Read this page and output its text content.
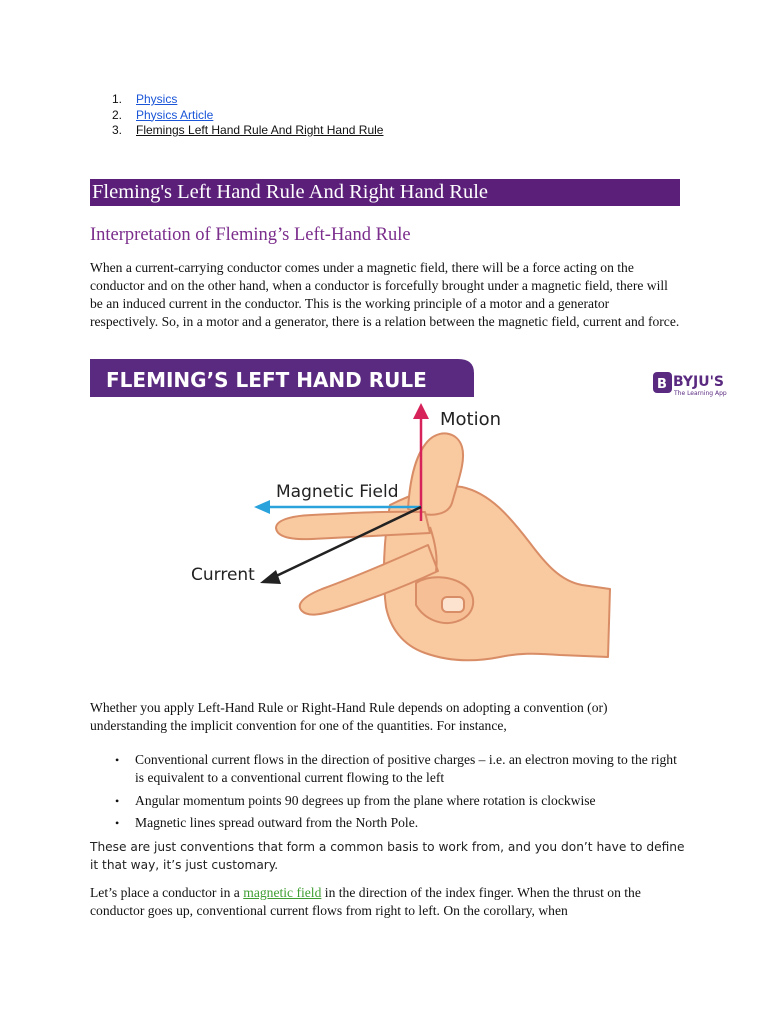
1. Physics
2. Physics Article
3. Flemings Left Hand Rule And Right Hand Rule
Fleming's Left Hand Rule And Right Hand Rule
Interpretation of Fleming’s Left-Hand Rule

When a current-carrying conductor comes under a magnetic field, there will be a force acting on the conductor and on the other hand, when a conductor is forcefully brought under a magnetic field, there will be an induced current in the conductor. This is the working principle of a motor and a generator respectively. So, in a motor and a generator, there is a relation between the magnetic field, current and force.

FLEMING’S LEFT HAND RULE	B BYJU'S
The Learning App
Motion
Magnetic Field
Current

Whether you apply Left-Hand Rule or Right-Hand Rule depends on adopting a convention (or) understanding the implicit convention for one of the quantities. For instance,

• Conventional current flows in the direction of positive charges – i.e. an electron moving to the right is equivalent to a conventional current flowing to the left
• Angular momentum points 90 degrees up from the plane where rotation is clockwise
• Magnetic lines spread outward from the North Pole.

These are just conventions that form a common basis to work from, and you don’t have to define it that way, it’s just customary.

Let’s place a conductor in a magnetic field in the direction of the index finger. When the thrust on the conductor goes up, conventional current flows from right to left. On the corollary, when
